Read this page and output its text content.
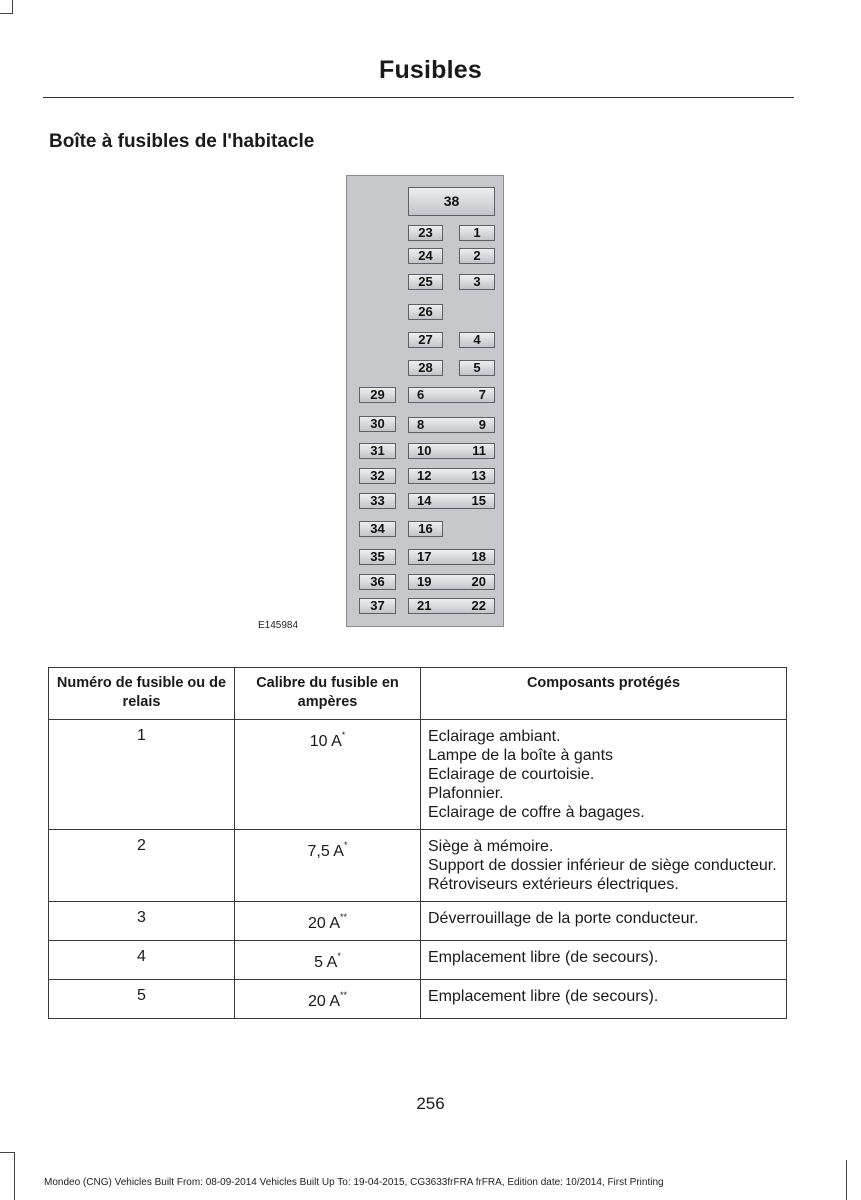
Fusibles
Boîte à fusibles de l'habitacle
38
23	1
24	2
25	3
26
27	4
28	5
29	6	7
30	8	9
31	10	11
32	12	13
33	14	15
34	16
35	17	18
36	19	20
37	21	22
E145984
Numéro de fusible ou de relais	Calibre du fusible en ampères	Composants protégés
1	10 A*	Eclairage ambiant.
Lampe de la boîte à gants
Eclairage de courtoisie.
Plafonnier.
Eclairage de coffre à bagages.

2	7,5 A*	Siège à mémoire.
Support de dossier inférieur de siège conducteur.
Rétroviseurs extérieurs électriques.

3	20 A**	Déverrouillage de la porte conducteur.

4	5 A*	Emplacement libre (de secours).

5	20 A**	Emplacement libre (de secours).
256
Mondeo (CNG) Vehicles Built From: 08-09-2014 Vehicles Built Up To: 19-04-2015, CG3633frFRA frFRA, Edition date: 10/2014, First Printing
